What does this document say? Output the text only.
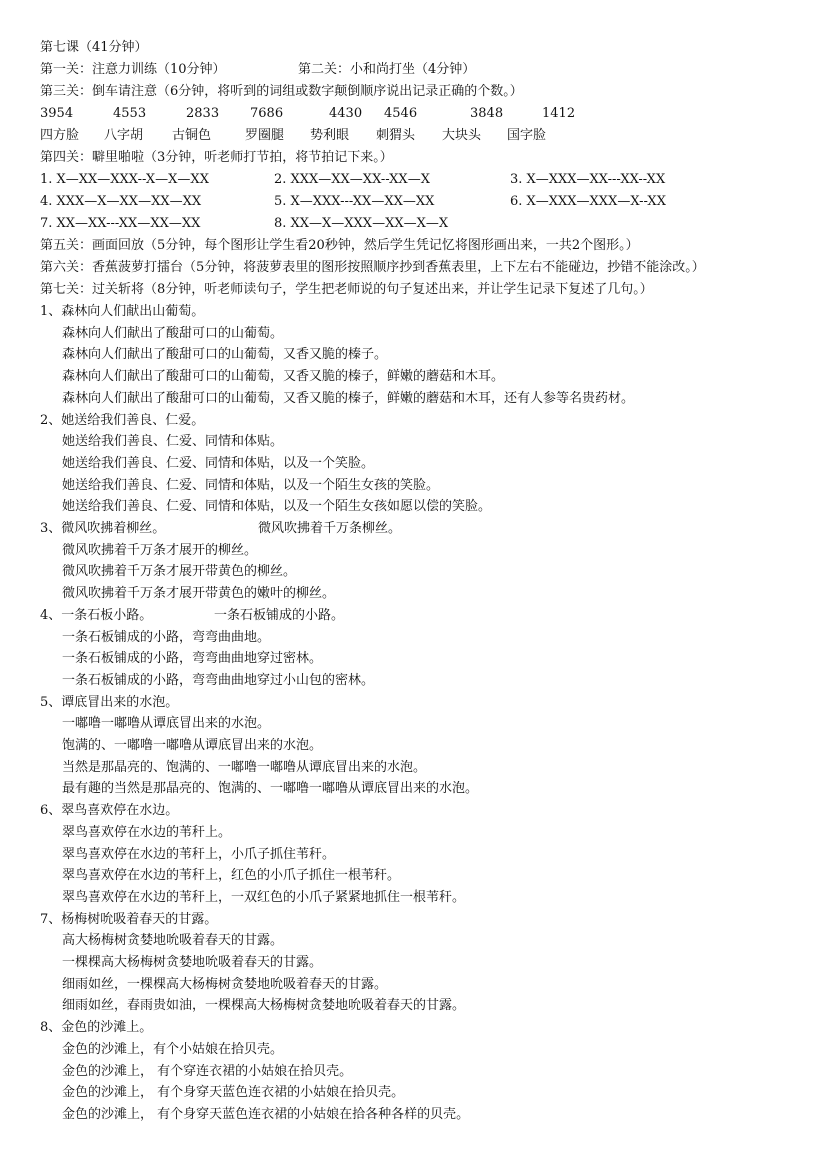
第七课（41分钟）
第一关：注意力训练（10分钟）	第二关：小和尚打坐（4分钟）
第三关：倒车请注意（6分钟，将听到的词组或数字颠倒顺序说出记录正确的个数。）
3954	4553	2833 7686	4430 4546	3848	1412
四方脸 八字胡 古铜色	罗圈腿 势利眼 刺猬头 大块头 国字脸
第四关：噼里啪啦（3分钟，听老师打节拍，将节拍记下来。）
1. X—XX—XXX--X—X—XX	2. XXX—XX—XX--XX—X	3. X—XXX—XX---XX--XX
4. XXX—X—XX—XX—XX	5. X—XXX---XX—XX—XX	6. X—XXX—XXX—X--XX
7. XX—XX---XX—XX—XX	8. XX—X—XXX—XX—X—X
第五关：画面回放（5分钟，每个图形让学生看20秒钟，然后学生凭记忆将图形画出来，一共2个图形。）
第六关：香蕉菠萝打擂台（5分钟，将菠萝表里的图形按照顺序抄到香蕉表里，上下左右不能碰边，抄错不能涂改。）
第七关：过关斩将（8分钟，听老师读句子，学生把老师说的句子复述出来，并让学生记录下复述了几句。）
1、森林向人们献出山葡萄。
森林向人们献出了酸甜可口的山葡萄。
森林向人们献出了酸甜可口的山葡萄，又香又脆的榛子。
森林向人们献出了酸甜可口的山葡萄，又香又脆的榛子，鲜嫩的蘑菇和木耳。
森林向人们献出了酸甜可口的山葡萄，又香又脆的榛子，鲜嫩的蘑菇和木耳，还有人参等名贵药材。
2、她送给我们善良、仁爱。
她送给我们善良、仁爱、同情和体贴。
她送给我们善良、仁爱、同情和体贴，以及一个笑脸。
她送给我们善良、仁爱、同情和体贴，以及一个陌生女孩的笑脸。
她送给我们善良、仁爱、同情和体贴，以及一个陌生女孩如愿以偿的笑脸。
3、微风吹拂着柳丝。	微风吹拂着千万条柳丝。
微风吹拂着千万条才展开的柳丝。
微风吹拂着千万条才展开带黄色的柳丝。
微风吹拂着千万条才展开带黄色的嫩叶的柳丝。
4、一条石板小路。	一条石板铺成的小路。
一条石板铺成的小路，弯弯曲曲地。
一条石板铺成的小路，弯弯曲曲地穿过密林。
一条石板铺成的小路，弯弯曲曲地穿过小山包的密林。
5、谭底冒出来的水泡。
一嘟噜一嘟噜从谭底冒出来的水泡。
饱满的、一嘟噜一嘟噜从谭底冒出来的水泡。
当然是那晶亮的、饱满的、一嘟噜一嘟噜从谭底冒出来的水泡。
最有趣的当然是那晶亮的、饱满的、一嘟噜一嘟噜从谭底冒出来的水泡。
6、翠鸟喜欢停在水边。
翠鸟喜欢停在水边的苇秆上。
翠鸟喜欢停在水边的苇秆上，小爪子抓住苇秆。
翠鸟喜欢停在水边的苇秆上，红色的小爪子抓住一根苇秆。
翠鸟喜欢停在水边的苇秆上，一双红色的小爪子紧紧地抓住一根苇秆。
7、杨梅树吮吸着春天的甘露。
高大杨梅树贪婪地吮吸着春天的甘露。
一棵棵高大杨梅树贪婪地吮吸着春天的甘露。
细雨如丝，一棵棵高大杨梅树贪婪地吮吸着春天的甘露。
细雨如丝，春雨贵如油，一棵棵高大杨梅树贪婪地吮吸着春天的甘露。
8、金色的沙滩上。
金色的沙滩上，有个小姑娘在拾贝壳。
金色的沙滩上， 有个穿连衣裙的小姑娘在拾贝壳。
金色的沙滩上， 有个身穿天蓝色连衣裙的小姑娘在拾贝壳。
金色的沙滩上， 有个身穿天蓝色连衣裙的小姑娘在拾各种各样的贝壳。
